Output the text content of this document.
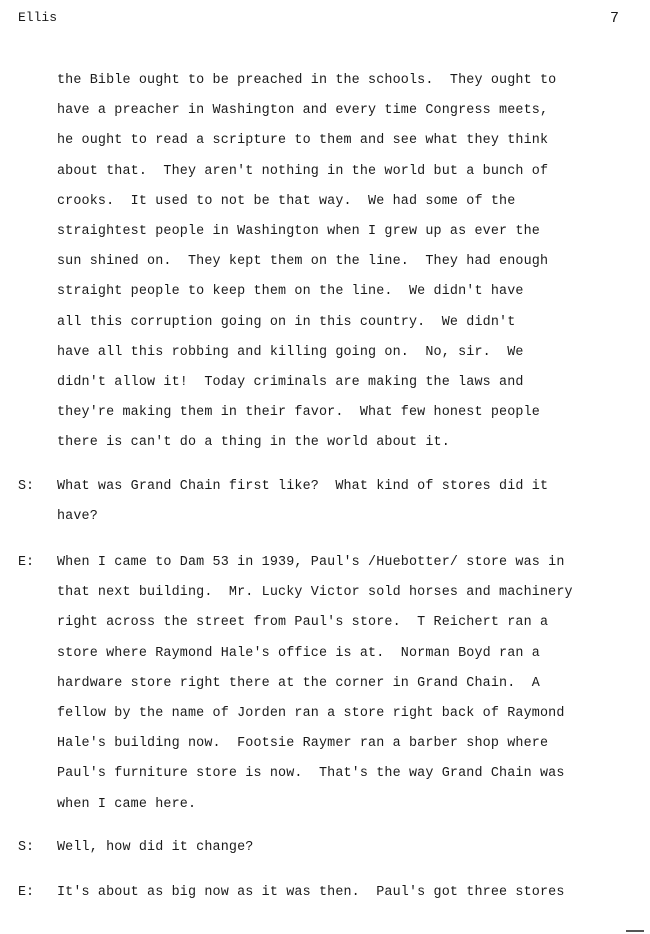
Ellis	7
the Bible ought to be preached in the schools.  They ought to
have a preacher in Washington and every time Congress meets,
he ought to read a scripture to them and see what they think
about that.  They aren't nothing in the world but a bunch of
crooks.  It used to not be that way.  We had some of the
straightest people in Washington when I grew up as ever the
sun shined on.  They kept them on the line.  They had enough
straight people to keep them on the line.  We didn't have
all this corruption going on in this country.  We didn't
have all this robbing and killing going on.  No, sir.  We
didn't allow it!  Today criminals are making the laws and
they're making them in their favor.  What few honest people
there is can't do a thing in the world about it.
S: What was Grand Chain first like?  What kind of stores did it
have?
E: When I came to Dam 53 in 1939, Paul's /Huebotter/ store was in
that next building.  Mr. Lucky Victor sold horses and machinery
right across the street from Paul's store.  T Reichert ran a
store where Raymond Hale's office is at.  Norman Boyd ran a
hardware store right there at the corner in Grand Chain.  A
fellow by the name of Jorden ran a store right back of Raymond
Hale's building now.  Footsie Raymer ran a barber shop where
Paul's furniture store is now.  That's the way Grand Chain was
when I came here.
S: Well, how did it change?
E: It's about as big now as it was then.  Paul's got three stores
